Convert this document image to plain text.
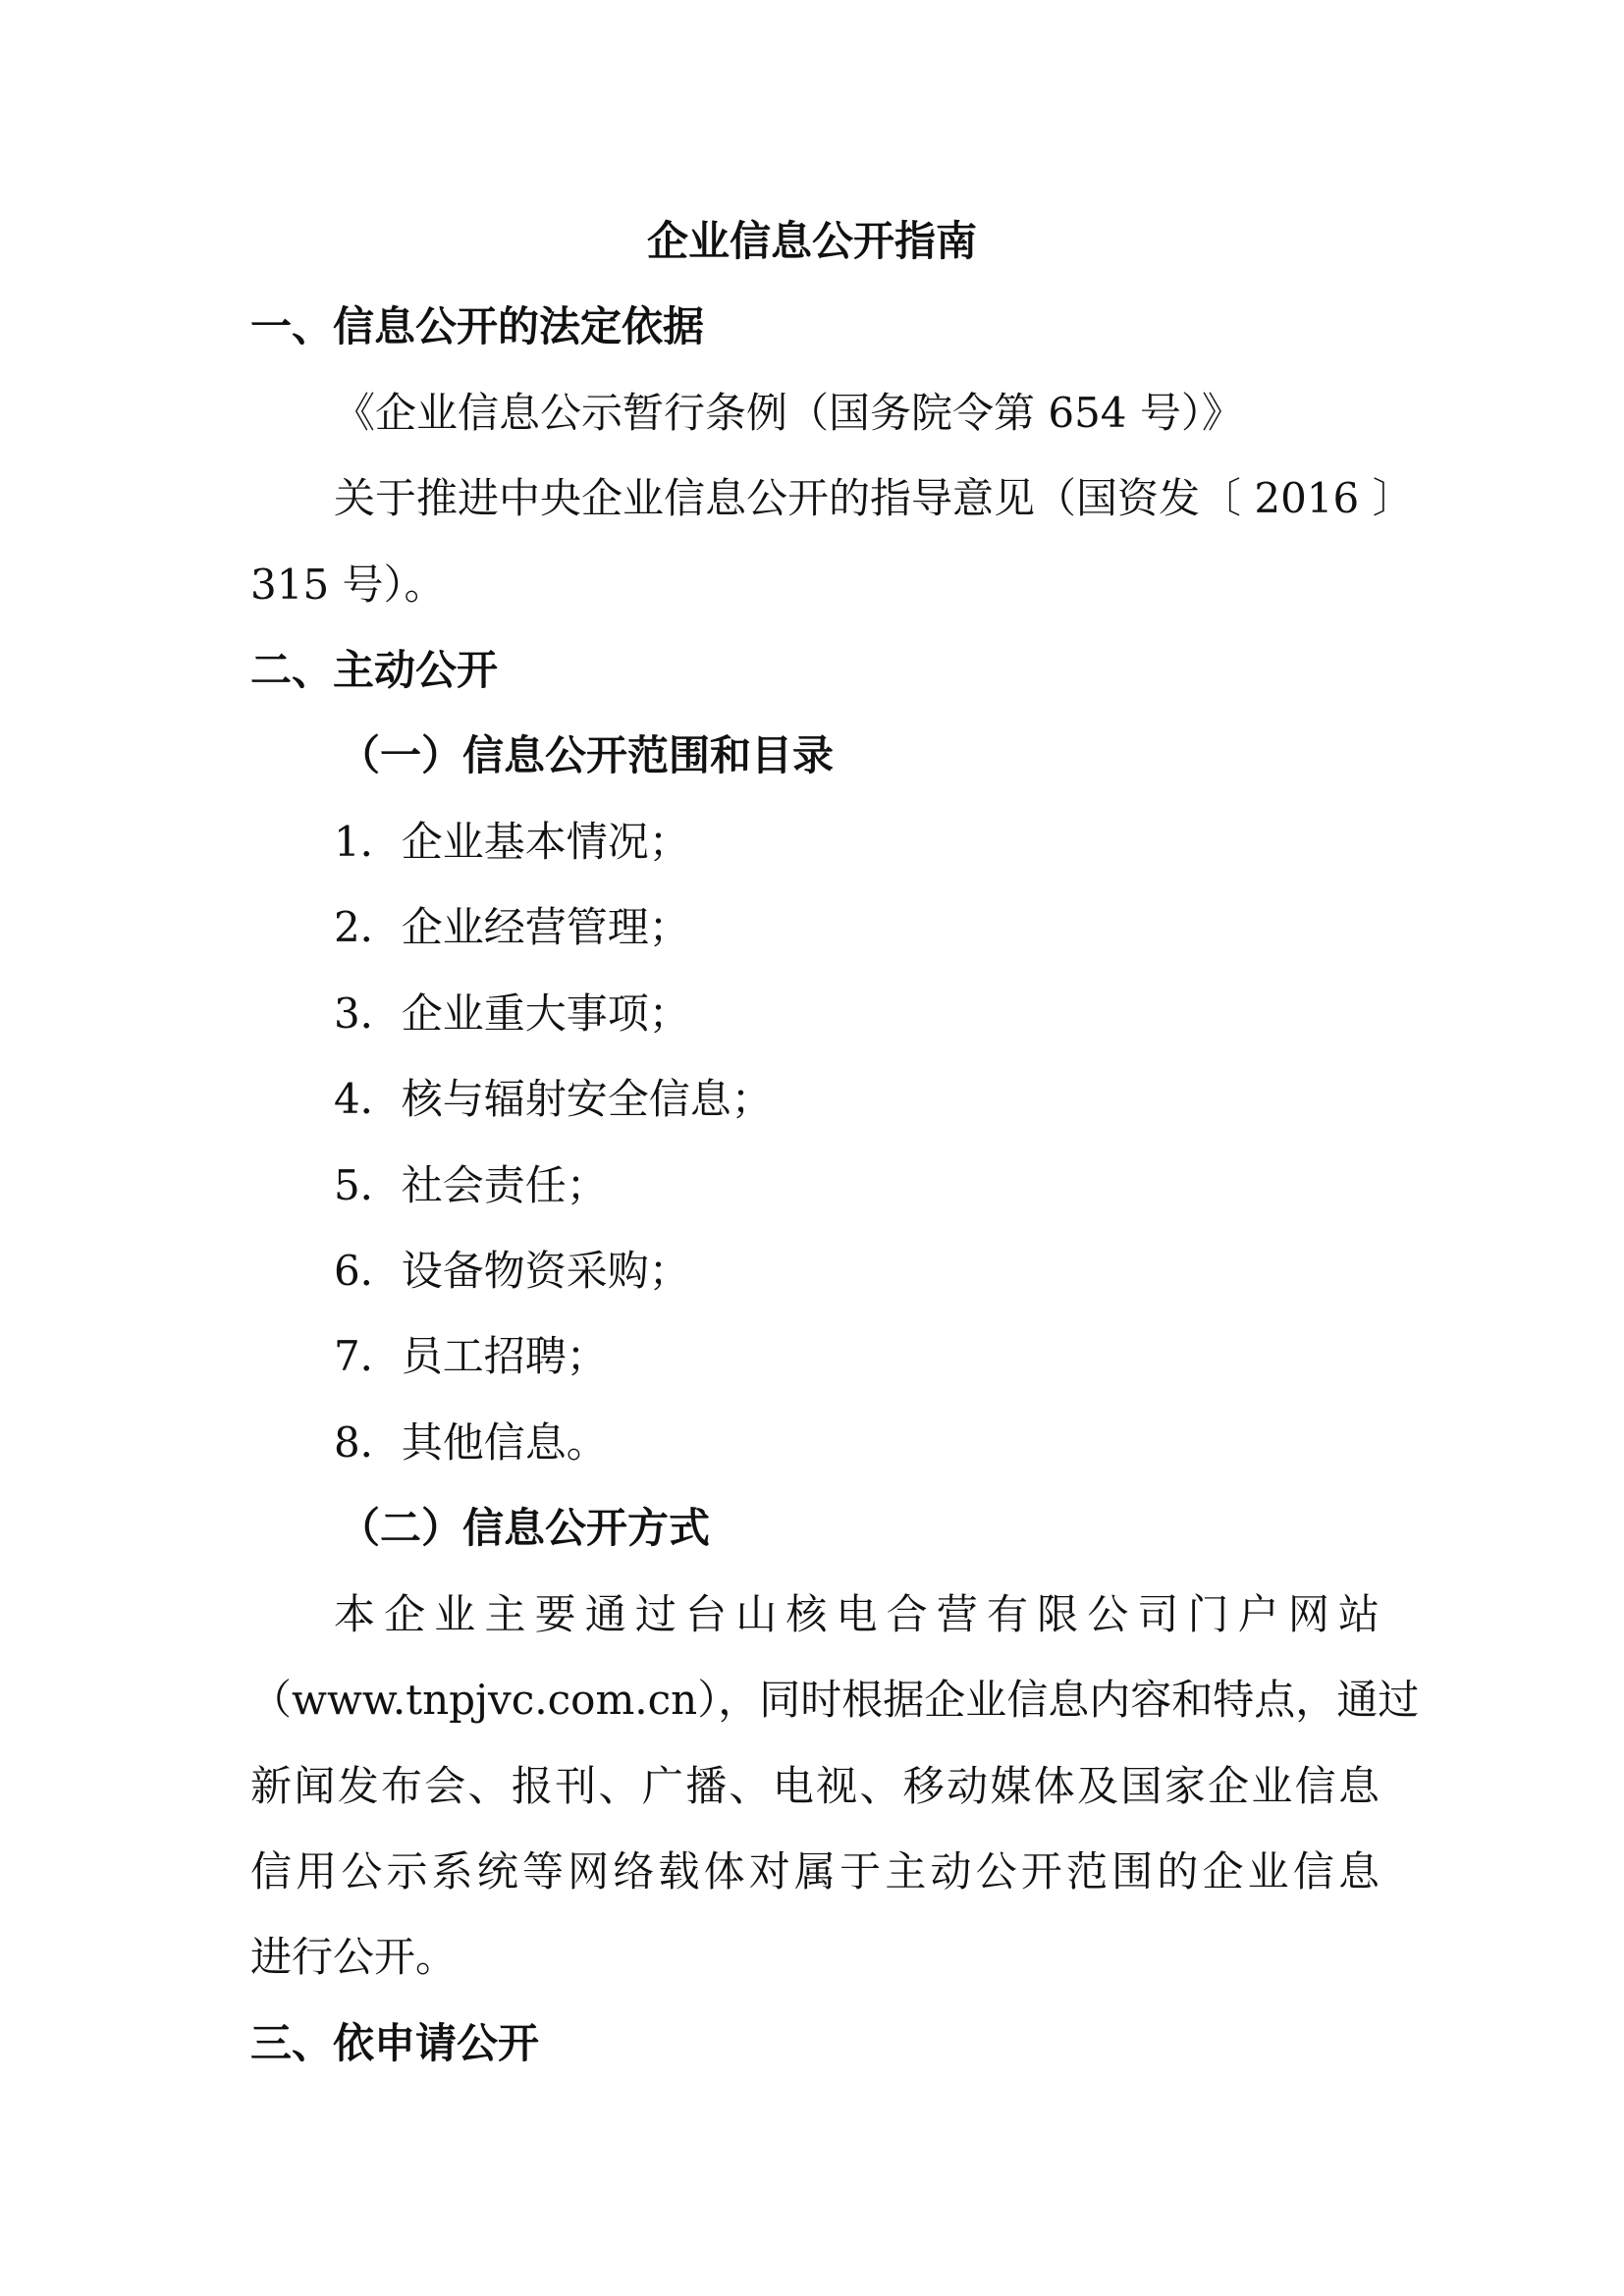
企业信息公开指南
一、信息公开的法定依据
《企业信息公示暂行条例（国务院令第 654 号）》
关于推进中央企业信息公开的指导意见（国资发〔 2016 〕
315 号）。
二、主动公开
（一）信息公开范围和目录
1．企业基本情况；
2．企业经营管理；
3．企业重大事项；
4．核与辐射安全信息；
5．社会责任；
6．设备物资采购；
7．员工招聘；
8．其他信息。
（二）信息公开方式
本企业主要通过台山核电合营有限公司门户网站
（www.tnpjvc.com.cn），同时根据企业信息内容和特点，通过
新闻发布会、报刊、广播、电视、移动媒体及国家企业信息
信用公示系统等网络载体对属于主动公开范围的企业信息
进行公开。
三、依申请公开
